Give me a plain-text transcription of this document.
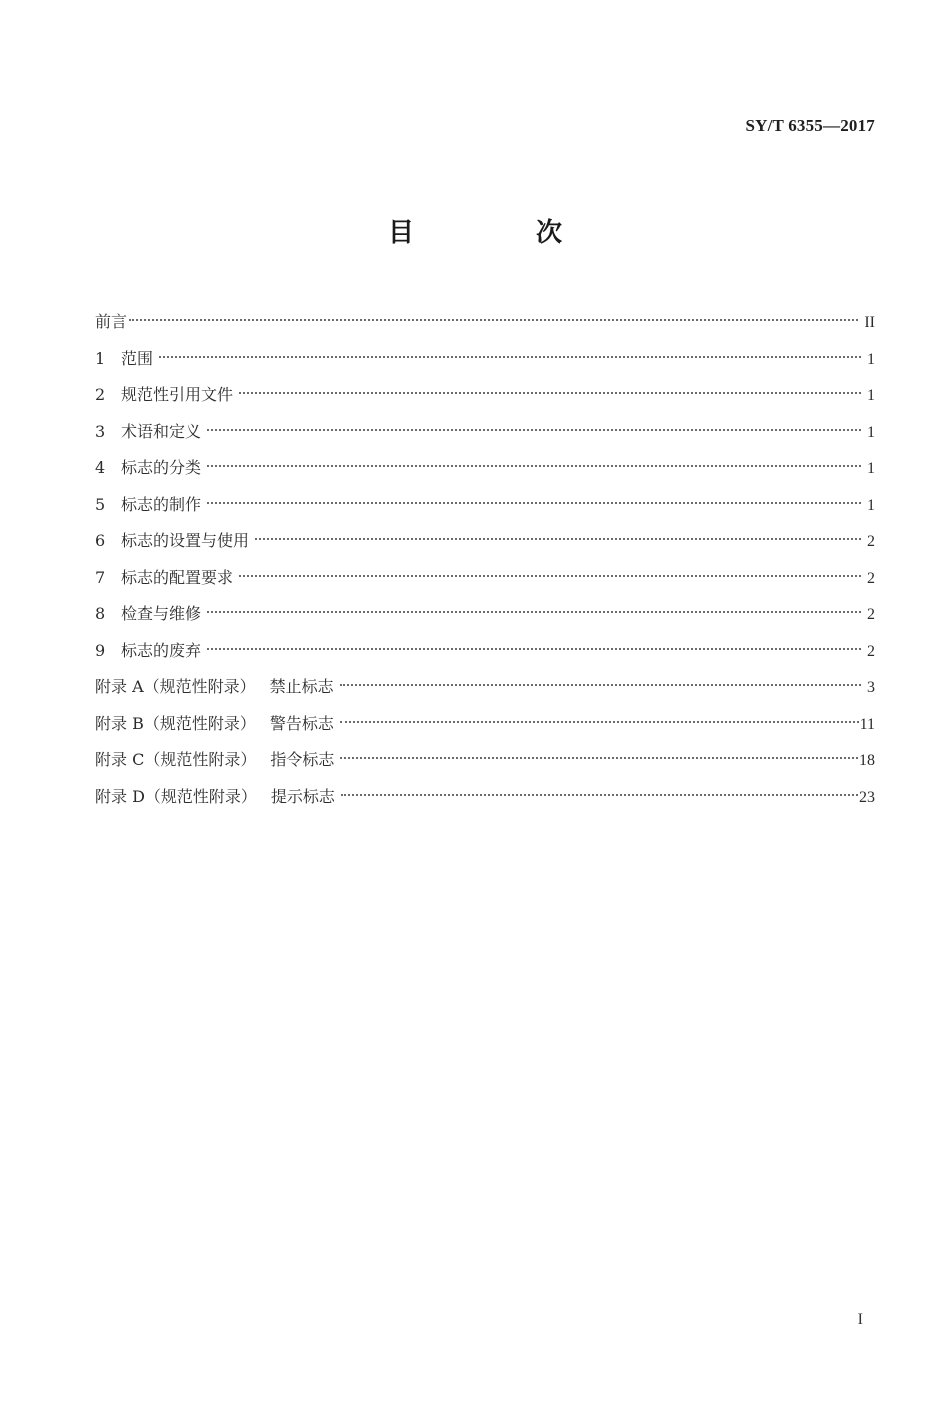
SY/T 6355—2017
目　次
前言	II
1 范围	1
2 规范性引用文件	1
3 术语和定义	1
4 标志的分类	1
5 标志的制作	1
6 标志的设置与使用	2
7 标志的配置要求	2
8 检查与维修	2
9 标志的废弃	2
附录 A（规范性附录） 禁止标志	3
附录 B（规范性附录） 警告标志	11
附录 C（规范性附录） 指令标志	18
附录 D（规范性附录） 提示标志	23
I
